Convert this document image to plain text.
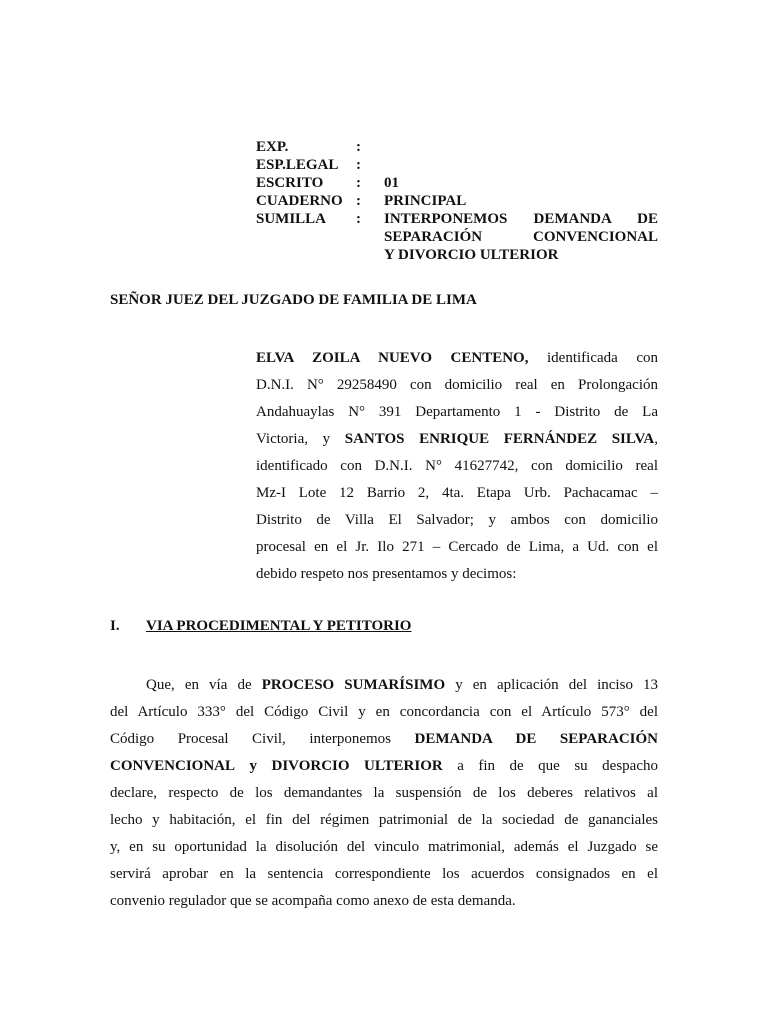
EXP.	:
ESP.LEGAL	:
ESCRITO	:	01
CUADERNO :	PRINCIPAL
SUMILLA	:	INTERPONEMOS DEMANDA DE
SEPARACIÓN CONVENCIONAL
Y DIVORCIO ULTERIOR
SEÑOR JUEZ DEL JUZGADO DE FAMILIA DE LIMA

ELVA ZOILA NUEVO CENTENO, identificada con

D.N.I. N° 29258490 con domicilio real en Prolongación

Andahuaylas N° 391 Departamento 1 - Distrito de La

Victoria, y SANTOS ENRIQUE FERNÁNDEZ SILVA,

identificado con D.N.I. N° 41627742, con domicilio real

Mz-I Lote 12 Barrio 2, 4ta. Etapa Urb. Pachacamac –

Distrito de Villa El Salvador; y ambos con domicilio

procesal en el Jr. Ilo 271 – Cercado de Lima, a Ud. con el

debido respeto nos presentamos y decimos:

I. VIA PROCEDIMENTAL Y PETITORIO

Que, en vía de PROCESO SUMARÍSIMO y en aplicación del inciso 13

del Artículo 333° del Código Civil y en concordancia con el Artículo 573° del

Código Procesal Civil, interponemos DEMANDA DE SEPARACIÓN

CONVENCIONAL y DIVORCIO ULTERIOR a fin de que su despacho

declare, respecto de los demandantes la suspensión de los deberes relativos al

lecho y habitación, el fin del régimen patrimonial de la sociedad de gananciales

y, en su oportunidad la disolución del vinculo matrimonial, además el Juzgado se

servirá aprobar en la sentencia correspondiente los acuerdos consignados en el

convenio regulador que se acompaña como anexo de esta demanda.
